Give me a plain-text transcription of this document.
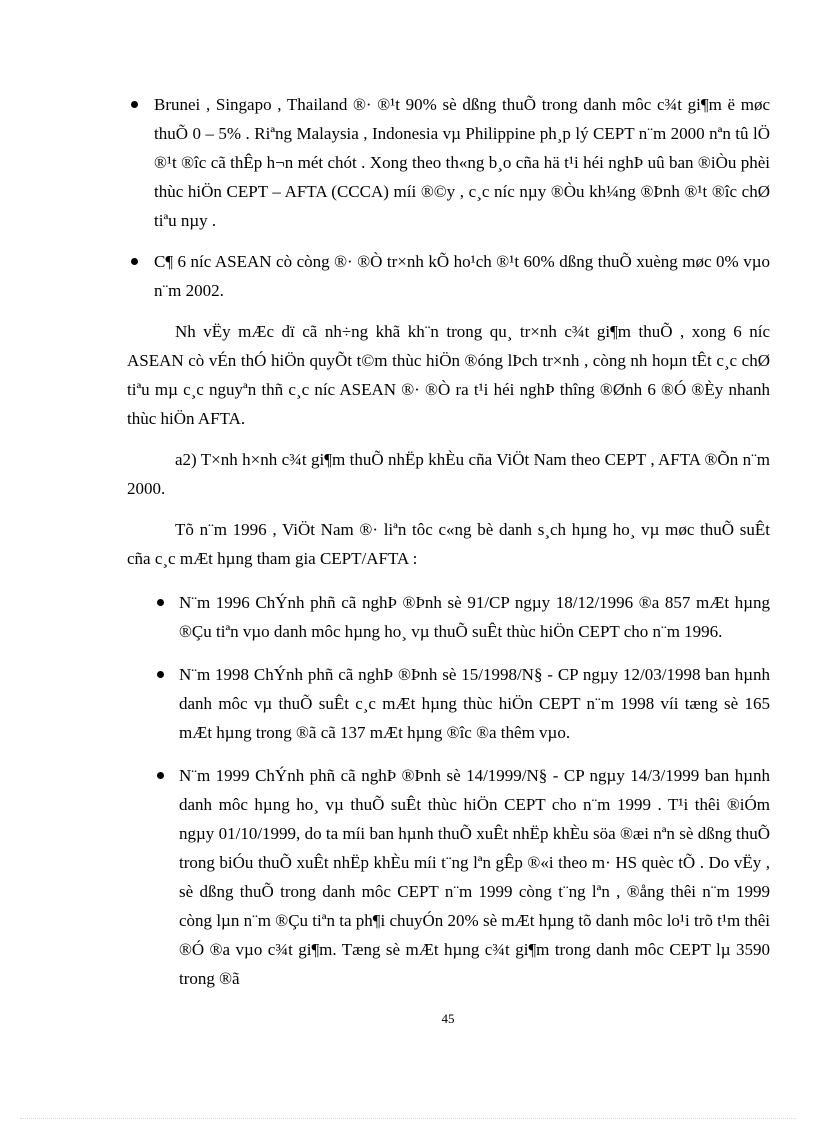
Brunei , Singapo , Thailand ®· ®¹t 90% sè dßng thuÕ trong danh môc c¾t gi¶m ë møc thuÕ 0 – 5% . Riªng Malaysia , Indonesia vµ Philippine ph¸p lý CEPT n¨m 2000 nªn tû lÖ ®¹t ®îc cã thÊp h¬n mét chót . Xong theo th«ng b¸o cña hä t¹i héi nghÞ uû ban ®iÒu phèi thùc hiÖn CEPT – AFTA (CCCA) míi ®©y , c¸c níc nµy ®Òu kh¼ng ®Þnh ®¹t ®îc chØ tiªu nµy .

C¶ 6 níc ASEAN cò còng ®· ®Ò tr×nh kÕ ho¹ch ®¹t 60% dßng thuÕ xuèng møc 0% vµo n¨m 2002.

Nh vËy mÆc dï cã nh÷ng khã kh¨n trong qu¸ tr×nh c¾t gi¶m thuÕ , xong 6 níc ASEAN cò vÉn thÓ hiÖn quyÕt t©m thùc hiÖn ®óng lÞch tr×nh , còng nh hoµn tÊt c¸c chØ tiªu mµ c¸c nguyªn thñ c¸c níc ASEAN ®· ®Ò ra t¹i héi nghÞ thîng ®Ønh 6 ®Ó ®Èy nhanh thùc hiÖn AFTA.

a2) T×nh h×nh c¾t gi¶m thuÕ nhËp khÈu cña ViÖt Nam theo CEPT , AFTA ®Õn n¨m 2000.

Tõ n¨m 1996 , ViÖt Nam ®· liªn tôc c«ng bè danh s¸ch hµng ho¸ vµ møc thuÕ suÊt cña c¸c mÆt hµng tham gia CEPT/AFTA :

N¨m 1996 ChÝnh phñ cã nghÞ ®Þnh sè 91/CP ngµy 18/12/1996 ®a 857 mÆt hµng ®Çu tiªn vµo danh môc hµng ho¸ vµ thuÕ suÊt thùc hiÖn CEPT cho n¨m 1996.

N¨m 1998 ChÝnh phñ cã nghÞ ®Þnh sè 15/1998/N§ - CP ngµy 12/03/1998 ban hµnh danh môc vµ thuÕ suÊt c¸c mÆt hµng thùc hiÖn CEPT n¨m 1998 víi tæng sè 165 mÆt hµng trong ®ã cã 137 mÆt hµng ®îc ®a thêm vµo.

N¨m 1999 ChÝnh phñ cã nghÞ ®Þnh sè 14/1999/N§ - CP ngµy 14/3/1999 ban hµnh danh môc hµng ho¸ vµ thuÕ suÊt thùc hiÖn CEPT cho n¨m 1999 . T¹i thêi ®iÓm ngµy 01/10/1999, do ta míi ban hµnh thuÕ xuÊt nhËp khÈu söa ®æi nªn sè dßng thuÕ trong biÓu thuÕ xuÊt nhËp khÈu míi t¨ng lªn gÊp ®«i theo m· HS quèc tÕ . Do vËy , sè dßng thuÕ trong danh môc CEPT n¨m 1999 còng t¨ng lªn , ®ång thêi n¨m 1999 còng lµn n¨m ®Çu tiªn ta ph¶i chuyÓn 20% sè mÆt hµng tõ danh môc lo¹i trõ t¹m thêi ®Ó ®a vµo c¾t gi¶m. Tæng sè mÆt hµng c¾t gi¶m trong danh môc CEPT lµ 3590 trong ®ã

45
